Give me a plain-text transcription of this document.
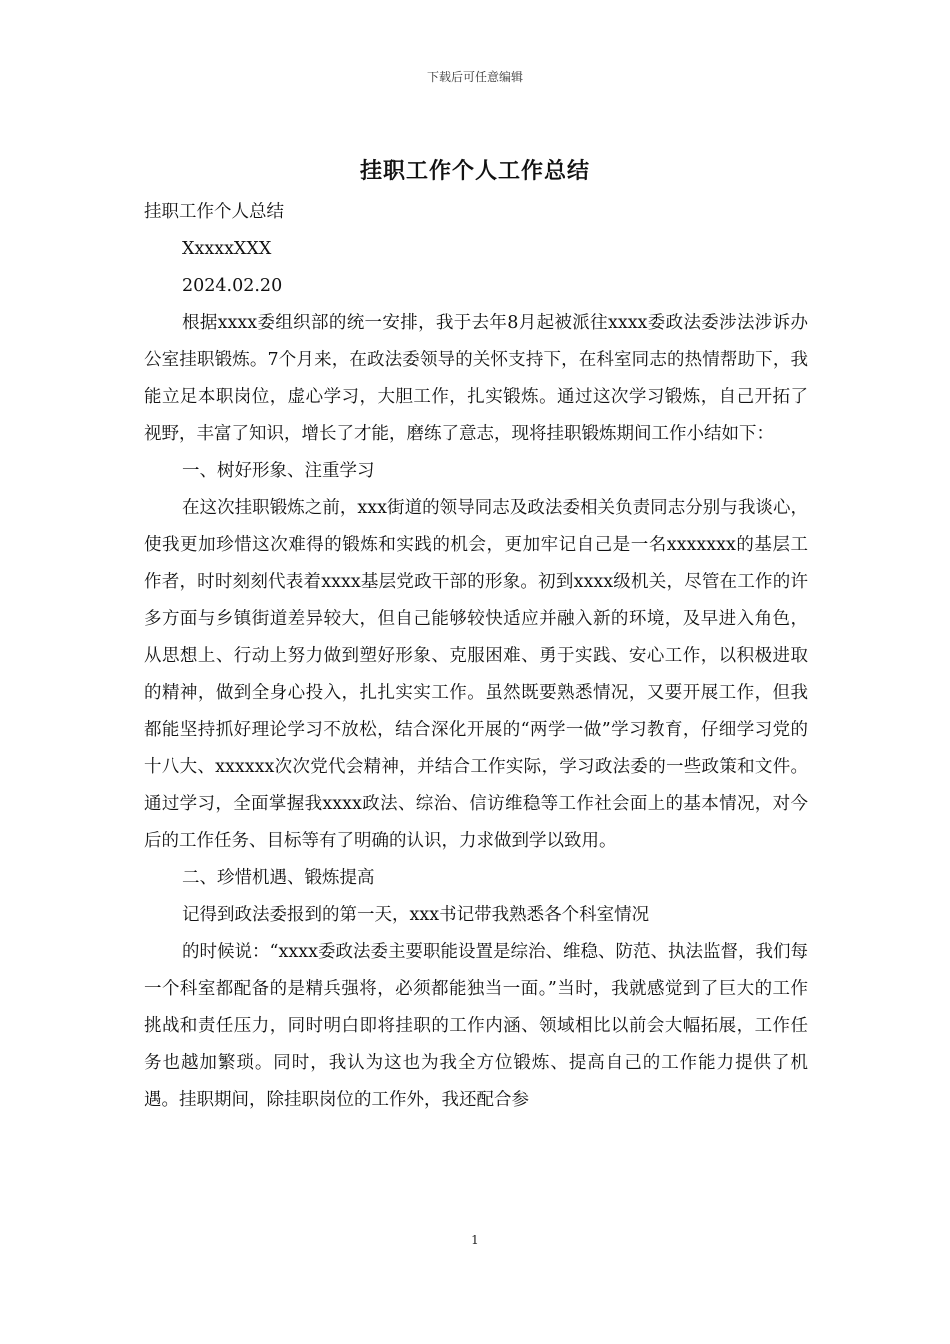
下载后可任意编辑
挂职工作个人工作总结

挂职工作个人总结

XxxxxXXX

2024.02.20

根据xxxx委组织部的统一安排，我于去年8月起被派往xxxx委政法委涉法涉诉办公室挂职锻炼。7个月来，在政法委领导的关怀支持下，在科室同志的热情帮助下，我能立足本职岗位，虚心学习，大胆工作，扎实锻炼。通过这次学习锻炼，自己开拓了视野，丰富了知识，增长了才能，磨练了意志，现将挂职锻炼期间工作小结如下：

一、树好形象、注重学习

在这次挂职锻炼之前，xxx街道的领导同志及政法委相关负责同志分别与我谈心，使我更加珍惜这次难得的锻炼和实践的机会，更加牢记自己是一名xxxxxxx的基层工作者，时时刻刻代表着xxxx基层党政干部的形象。初到xxxx级机关，尽管在工作的许多方面与乡镇街道差异较大，但自己能够较快适应并融入新的环境，及早进入角色，从思想上、行动上努力做到塑好形象、克服困难、勇于实践、安心工作，以积极进取的精神，做到全身心投入，扎扎实实工作。虽然既要熟悉情况，又要开展工作，但我都能坚持抓好理论学习不放松，结合深化开展的“两学一做”学习教育，仔细学习党的十八大、xxxxxx次次党代会精神，并结合工作实际，学习政法委的一些政策和文件。通过学习，全面掌握我xxxx政法、综治、信访维稳等工作社会面上的基本情况，对今后的工作任务、目标等有了明确的认识，力求做到学以致用。

二、珍惜机遇、锻炼提高

记得到政法委报到的第一天，xxx书记带我熟悉各个科室情况

的时候说：“xxxx委政法委主要职能设置是综治、维稳、防范、执法监督，我们每一个科室都配备的是精兵强将，必须都能独当一面。”当时，我就感觉到了巨大的工作挑战和责任压力，同时明白即将挂职的工作内涵、领域相比以前会大幅拓展，工作任务也越加繁琐。同时，我认为这也为我全方位锻炼、提高自己的工作能力提供了机遇。挂职期间，除挂职岗位的工作外，我还配合参

1
